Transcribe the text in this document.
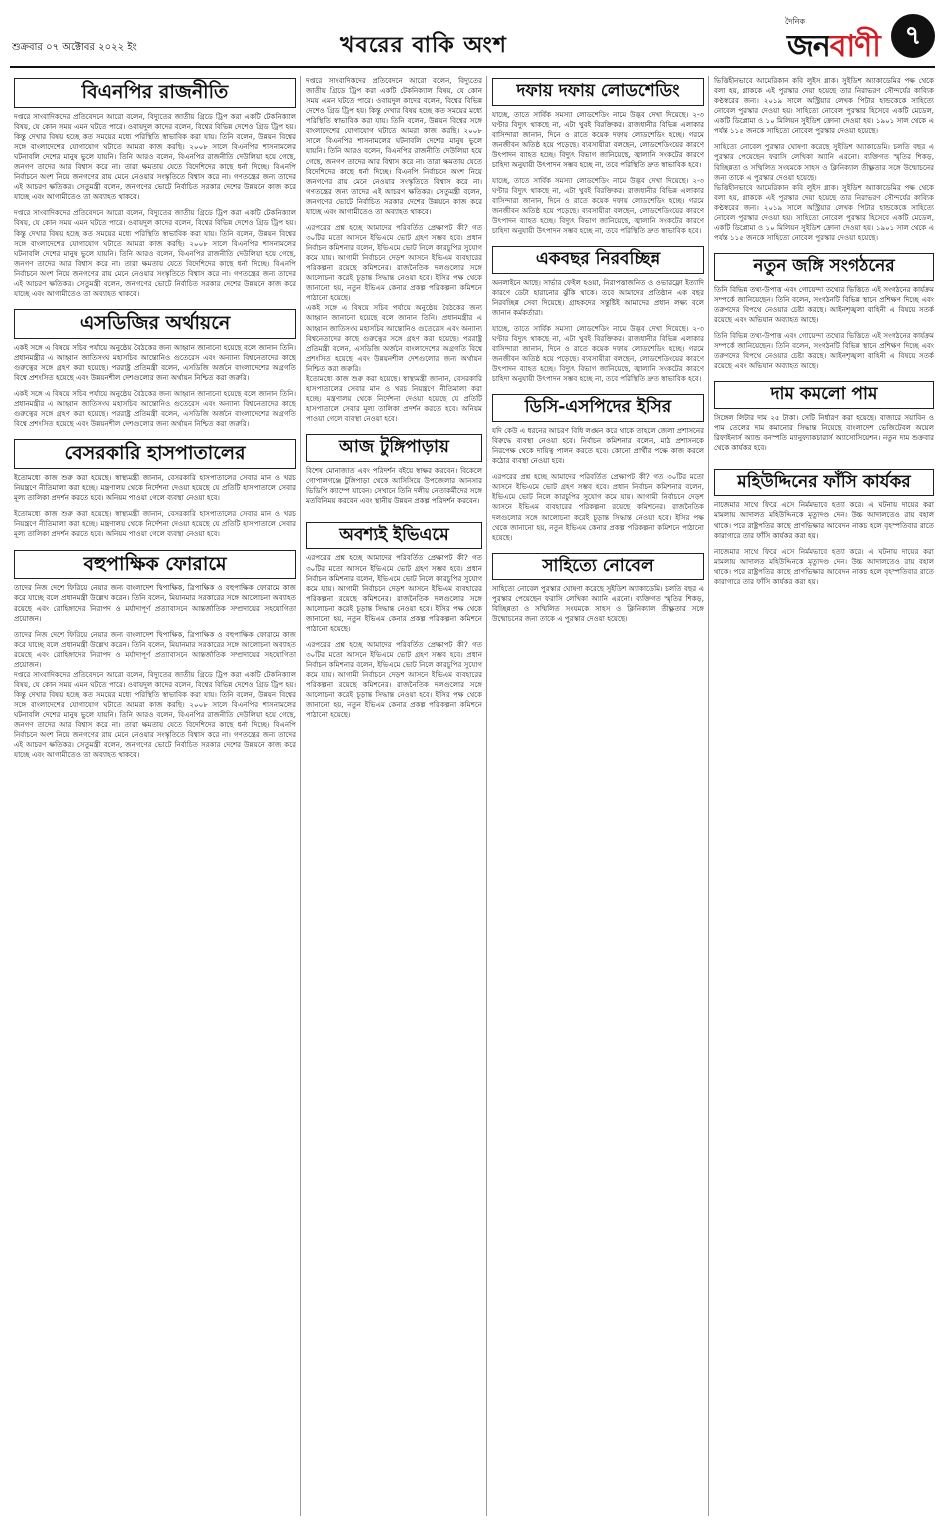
শুক্রবার ০৭ অক্টোবর ২০২২ ইং	খবরের বাকি অংশ
দৈনিক
জনবাণী ৭
বিএনপির রাজনীতি

দপ্তরে সাংবাদিকদের প্রতিবেদনে আরো বলেন, বিদ্যুতের জাতীয় গ্রিডে ট্রিপ করা একটি টেকনিক্যাল বিষয়, যে কোন সময় এমন ঘটতে পারে। ওবায়দুল কাদের বলেন, বিশ্বের বিভিন্ন দেশেও গ্রিড ট্রিপ হয়। কিন্তু দেখার বিষয় হচ্ছে কত সময়ের মধ্যে পরিস্থিতি স্বাভাবিক করা যায়। তিনি বলেন, উন্নয়ন বিশ্বের সঙ্গে বাংলাদেশের যোগাযোগ ঘটাতে আমরা কাজ করছি। ২০০৮ সালে বিএনপির শাসনামলের ঘটনাবলি দেশের মানুষ ভুলে যায়নি। তিনি আরও বলেন, বিএনপির রাজনীতি দেউলিয়া হয়ে গেছে, জনগণ তাদের আর বিশ্বাস করে না। তারা ক্ষমতায় যেতে বিদেশিদের কাছে ধর্না দিচ্ছে। বিএনপি নির্বাচনে অংশ নিয়ে জনগণের রায় মেনে নেওয়ার সংস্কৃতিতে বিশ্বাস করে না। গণতন্ত্রের জন্য তাদের এই আচরণ ক্ষতিকর। সেতুমন্ত্রী বলেন, জনগণের ভোটে নির্বাচিত সরকার দেশের উন্নয়নে কাজ করে যাচ্ছে এবং আগামীতেও তা অব্যাহত থাকবে।

দপ্তরে সাংবাদিকদের প্রতিবেদনে আরো বলেন, বিদ্যুতের জাতীয় গ্রিডে ট্রিপ করা একটি টেকনিক্যাল বিষয়, যে কোন সময় এমন ঘটতে পারে। ওবায়দুল কাদের বলেন, বিশ্বের বিভিন্ন দেশেও গ্রিড ট্রিপ হয়। কিন্তু দেখার বিষয় হচ্ছে কত সময়ের মধ্যে পরিস্থিতি স্বাভাবিক করা যায়। তিনি বলেন, উন্নয়ন বিশ্বের সঙ্গে বাংলাদেশের যোগাযোগ ঘটাতে আমরা কাজ করছি। ২০০৮ সালে বিএনপির শাসনামলের ঘটনাবলি দেশের মানুষ ভুলে যায়নি। তিনি আরও বলেন, বিএনপির রাজনীতি দেউলিয়া হয়ে গেছে, জনগণ তাদের আর বিশ্বাস করে না। তারা ক্ষমতায় যেতে বিদেশিদের কাছে ধর্না দিচ্ছে। বিএনপি নির্বাচনে অংশ নিয়ে জনগণের রায় মেনে নেওয়ার সংস্কৃতিতে বিশ্বাস করে না। গণতন্ত্রের জন্য তাদের এই আচরণ ক্ষতিকর। সেতুমন্ত্রী বলেন, জনগণের ভোটে নির্বাচিত সরকার দেশের উন্নয়নে কাজ করে যাচ্ছে এবং আগামীতেও তা অব্যাহত থাকবে।

এসডিজির অর্থায়নে

একই সঙ্গে এ বিষয়ে সচিব পর্যায়ে অনুষ্ঠেয় বৈঠকের জন্য আহ্বান জানানো হয়েছে বলে জানান তিনি। প্রধানমন্ত্রীর এ আহ্বান জাতিসংঘ মহাসচিব আন্তোনিও গুতেরেস এবং অন্যান্য বিশ্বনেতাদের কাছে গুরুত্বের সঙ্গে গ্রহণ করা হয়েছে। পররাষ্ট্র প্রতিমন্ত্রী বলেন, এসডিজি অর্জনে বাংলাদেশের অগ্রগতি বিশ্বে প্রশংসিত হয়েছে এবং উন্নয়নশীল দেশগুলোর জন্য অর্থায়ন নিশ্চিত করা জরুরি।

একই সঙ্গে এ বিষয়ে সচিব পর্যায়ে অনুষ্ঠেয় বৈঠকের জন্য আহ্বান জানানো হয়েছে বলে জানান তিনি। প্রধানমন্ত্রীর এ আহ্বান জাতিসংঘ মহাসচিব আন্তোনিও গুতেরেস এবং অন্যান্য বিশ্বনেতাদের কাছে গুরুত্বের সঙ্গে গ্রহণ করা হয়েছে। পররাষ্ট্র প্রতিমন্ত্রী বলেন, এসডিজি অর্জনে বাংলাদেশের অগ্রগতি বিশ্বে প্রশংসিত হয়েছে এবং উন্নয়নশীল দেশগুলোর জন্য অর্থায়ন নিশ্চিত করা জরুরি।

বেসরকারি হাসপাতালের

ইতোমধ্যে কাজ শুরু করা হয়েছে। স্বাস্থ্যমন্ত্রী জানান, বেসরকারি হাসপাতালের সেবার মান ও খরচ নিয়ন্ত্রণে নীতিমালা করা হচ্ছে। মন্ত্রণালয় থেকে নির্দেশনা দেওয়া হয়েছে যে প্রতিটি হাসপাতালে সেবার মূল্য তালিকা প্রদর্শন করতে হবে। অনিয়ম পাওয়া গেলে ব্যবস্থা নেওয়া হবে।

ইতোমধ্যে কাজ শুরু করা হয়েছে। স্বাস্থ্যমন্ত্রী জানান, বেসরকারি হাসপাতালের সেবার মান ও খরচ নিয়ন্ত্রণে নীতিমালা করা হচ্ছে। মন্ত্রণালয় থেকে নির্দেশনা দেওয়া হয়েছে যে প্রতিটি হাসপাতালে সেবার মূল্য তালিকা প্রদর্শন করতে হবে। অনিয়ম পাওয়া গেলে ব্যবস্থা নেওয়া হবে।

বহুপাক্ষিক ফোরামে

তাদের নিজ দেশে ফিরিয়ে নেয়ার জন্য বাংলাদেশ দ্বিপাক্ষিক, ত্রিপাক্ষিক ও বহুপাক্ষিক ফোরামে কাজ করে যাচ্ছে বলে প্রধানমন্ত্রী উল্লেখ করেন। তিনি বলেন, মিয়ানমার সরকারের সঙ্গে আলোচনা অব্যাহত রয়েছে এবং রোহিঙ্গাদের নিরাপদ ও মর্যাদাপূর্ণ প্রত্যাবাসনে আন্তর্জাতিক সম্প্রদায়ের সহযোগিতা প্রয়োজন।

তাদের নিজ দেশে ফিরিয়ে নেয়ার জন্য বাংলাদেশ দ্বিপাক্ষিক, ত্রিপাক্ষিক ও বহুপাক্ষিক ফোরামে কাজ করে যাচ্ছে বলে প্রধানমন্ত্রী উল্লেখ করেন। তিনি বলেন, মিয়ানমার সরকারের সঙ্গে আলোচনা অব্যাহত রয়েছে এবং রোহিঙ্গাদের নিরাপদ ও মর্যাদাপূর্ণ প্রত্যাবাসনে আন্তর্জাতিক সম্প্রদায়ের সহযোগিতা প্রয়োজন।

দপ্তরে সাংবাদিকদের প্রতিবেদনে আরো বলেন, বিদ্যুতের জাতীয় গ্রিডে ট্রিপ করা একটি টেকনিক্যাল বিষয়, যে কোন সময় এমন ঘটতে পারে। ওবায়দুল কাদের বলেন, বিশ্বের বিভিন্ন দেশেও গ্রিড ট্রিপ হয়। কিন্তু দেখার বিষয় হচ্ছে কত সময়ের মধ্যে পরিস্থিতি স্বাভাবিক করা যায়। তিনি বলেন, উন্নয়ন বিশ্বের সঙ্গে বাংলাদেশের যোগাযোগ ঘটাতে আমরা কাজ করছি। ২০০৮ সালে বিএনপির শাসনামলের ঘটনাবলি দেশের মানুষ ভুলে যায়নি। তিনি আরও বলেন, বিএনপির রাজনীতি দেউলিয়া হয়ে গেছে, জনগণ তাদের আর বিশ্বাস করে না। তারা ক্ষমতায় যেতে বিদেশিদের কাছে ধর্না দিচ্ছে। বিএনপি নির্বাচনে অংশ নিয়ে জনগণের রায় মেনে নেওয়ার সংস্কৃতিতে বিশ্বাস করে না। গণতন্ত্রের জন্য তাদের এই আচরণ ক্ষতিকর। সেতুমন্ত্রী বলেন, জনগণের ভোটে নির্বাচিত সরকার দেশের উন্নয়নে কাজ করে যাচ্ছে এবং আগামীতেও তা অব্যাহত থাকবে।

দপ্তরে সাংবাদিকদের প্রতিবেদনে আরো বলেন, বিদ্যুতের জাতীয় গ্রিডে ট্রিপ করা একটি টেকনিক্যাল বিষয়, যে কোন সময় এমন ঘটতে পারে। ওবায়দুল কাদের বলেন, বিশ্বের বিভিন্ন দেশেও গ্রিড ট্রিপ হয়। কিন্তু দেখার বিষয় হচ্ছে কত সময়ের মধ্যে পরিস্থিতি স্বাভাবিক করা যায়। তিনি বলেন, উন্নয়ন বিশ্বের সঙ্গে বাংলাদেশের যোগাযোগ ঘটাতে আমরা কাজ করছি। ২০০৮ সালে বিএনপির শাসনামলের ঘটনাবলি দেশের মানুষ ভুলে যায়নি। তিনি আরও বলেন, বিএনপির রাজনীতি দেউলিয়া হয়ে গেছে, জনগণ তাদের আর বিশ্বাস করে না। তারা ক্ষমতায় যেতে বিদেশিদের কাছে ধর্না দিচ্ছে। বিএনপি নির্বাচনে অংশ নিয়ে জনগণের রায় মেনে নেওয়ার সংস্কৃতিতে বিশ্বাস করে না। গণতন্ত্রের জন্য তাদের এই আচরণ ক্ষতিকর। সেতুমন্ত্রী বলেন, জনগণের ভোটে নির্বাচিত সরকার দেশের উন্নয়নে কাজ করে যাচ্ছে এবং আগামীতেও তা অব্যাহত থাকবে।

এরপরের প্রশ্ন হচ্ছে আমাদের পরিবর্তিত প্রেক্ষাপট কী? গত ৩০টির মতো আসনে ইভিএমে ভোট গ্রহণ সম্ভব হবে। প্রধান নির্বাচন কমিশনার বলেন, ইভিএমে ভোট নিলে কারচুপির সুযোগ কমে যায়। আগামী নির্বাচনে দেড়শ আসনে ইভিএম ব্যবহারের পরিকল্পনা রয়েছে কমিশনের। রাজনৈতিক দলগুলোর সঙ্গে আলোচনা করেই চূড়ান্ত সিদ্ধান্ত নেওয়া হবে। ইসির পক্ষ থেকে জানানো হয়, নতুন ইভিএম কেনার প্রকল্প পরিকল্পনা কমিশনে পাঠানো হয়েছে।

একই সঙ্গে এ বিষয়ে সচিব পর্যায়ে অনুষ্ঠেয় বৈঠকের জন্য আহ্বান জানানো হয়েছে বলে জানান তিনি। প্রধানমন্ত্রীর এ আহ্বান জাতিসংঘ মহাসচিব আন্তোনিও গুতেরেস এবং অন্যান্য বিশ্বনেতাদের কাছে গুরুত্বের সঙ্গে গ্রহণ করা হয়েছে। পররাষ্ট্র প্রতিমন্ত্রী বলেন, এসডিজি অর্জনে বাংলাদেশের অগ্রগতি বিশ্বে প্রশংসিত হয়েছে এবং উন্নয়নশীল দেশগুলোর জন্য অর্থায়ন নিশ্চিত করা জরুরি।

ইতোমধ্যে কাজ শুরু করা হয়েছে। স্বাস্থ্যমন্ত্রী জানান, বেসরকারি হাসপাতালের সেবার মান ও খরচ নিয়ন্ত্রণে নীতিমালা করা হচ্ছে। মন্ত্রণালয় থেকে নির্দেশনা দেওয়া হয়েছে যে প্রতিটি হাসপাতালে সেবার মূল্য তালিকা প্রদর্শন করতে হবে। অনিয়ম পাওয়া গেলে ব্যবস্থা নেওয়া হবে।

আজ টুঙ্গিপাড়ায়

বিশেষ মোনাজাত এবং পরিদর্শন বইয়ে স্বাক্ষর করবেন। বিকেলে গোপালগঞ্জে টুঙ্গিপাড়া থেকে আসিসিয়ে উপজেলার আনসার ভিডিপি ক্যাম্পে যাবেন। সেখানে তিনি দলীয় নেতাকর্মীদের সঙ্গে মতবিনিময় করবেন এবং স্থানীয় উন্নয়ন প্রকল্প পরিদর্শন করবেন।

অবশ্যই ইভিএমে

এরপরের প্রশ্ন হচ্ছে আমাদের পরিবর্তিত প্রেক্ষাপট কী? গত ৩০টির মতো আসনে ইভিএমে ভোট গ্রহণ সম্ভব হবে। প্রধান নির্বাচন কমিশনার বলেন, ইভিএমে ভোট নিলে কারচুপির সুযোগ কমে যায়। আগামী নির্বাচনে দেড়শ আসনে ইভিএম ব্যবহারের পরিকল্পনা রয়েছে কমিশনের। রাজনৈতিক দলগুলোর সঙ্গে আলোচনা করেই চূড়ান্ত সিদ্ধান্ত নেওয়া হবে। ইসির পক্ষ থেকে জানানো হয়, নতুন ইভিএম কেনার প্রকল্প পরিকল্পনা কমিশনে পাঠানো হয়েছে।

এরপরের প্রশ্ন হচ্ছে আমাদের পরিবর্তিত প্রেক্ষাপট কী? গত ৩০টির মতো আসনে ইভিএমে ভোট গ্রহণ সম্ভব হবে। প্রধান নির্বাচন কমিশনার বলেন, ইভিএমে ভোট নিলে কারচুপির সুযোগ কমে যায়। আগামী নির্বাচনে দেড়শ আসনে ইভিএম ব্যবহারের পরিকল্পনা রয়েছে কমিশনের। রাজনৈতিক দলগুলোর সঙ্গে আলোচনা করেই চূড়ান্ত সিদ্ধান্ত নেওয়া হবে। ইসির পক্ষ থেকে জানানো হয়, নতুন ইভিএম কেনার প্রকল্প পরিকল্পনা কমিশনে পাঠানো হয়েছে।

দফায় দফায় লোডশেডিং

যাচ্ছে, তাতে সার্বিক সমস্যা লোডশেডিং নামে উদ্ভব দেখা দিয়েছে। ২-৩ ঘণ্টার বিদ্যুৎ থাকছে না, এটা খুবই বিরক্তিকর। রাজধানীর বিভিন্ন এলাকার বাসিন্দারা জানান, দিনে ও রাতে কয়েক দফায় লোডশেডিং হচ্ছে। গরমে জনজীবন অতিষ্ঠ হয়ে পড়েছে। ব্যবসায়ীরা বলছেন, লোডশেডিংয়ের কারণে উৎপাদন ব্যাহত হচ্ছে। বিদ্যুৎ বিভাগ জানিয়েছে, জ্বালানি সংকটের কারণে চাহিদা অনুযায়ী উৎপাদন সম্ভব হচ্ছে না, তবে পরিস্থিতি দ্রুত স্বাভাবিক হবে।

যাচ্ছে, তাতে সার্বিক সমস্যা লোডশেডিং নামে উদ্ভব দেখা দিয়েছে। ২-৩ ঘণ্টার বিদ্যুৎ থাকছে না, এটা খুবই বিরক্তিকর। রাজধানীর বিভিন্ন এলাকার বাসিন্দারা জানান, দিনে ও রাতে কয়েক দফায় লোডশেডিং হচ্ছে। গরমে জনজীবন অতিষ্ঠ হয়ে পড়েছে। ব্যবসায়ীরা বলছেন, লোডশেডিংয়ের কারণে উৎপাদন ব্যাহত হচ্ছে। বিদ্যুৎ বিভাগ জানিয়েছে, জ্বালানি সংকটের কারণে চাহিদা অনুযায়ী উৎপাদন সম্ভব হচ্ছে না, তবে পরিস্থিতি দ্রুত স্বাভাবিক হবে।

একবছর নিরবচ্ছিন্ন

অনলাইনে আছে। সার্ভার ফেইল হওয়া, নিরাপত্তাজনিত ও ওভারফ্লো ইত্যাদি কারণে ডেটা হারানোর ঝুঁকি থাকে। তবে আমাদের প্রতিষ্ঠান এক বছর নিরবচ্ছিন্ন সেবা দিয়েছে। গ্রাহকদের সন্তুষ্টিই আমাদের প্রধান লক্ষ্য বলে জানান কর্মকর্তারা।

যাচ্ছে, তাতে সার্বিক সমস্যা লোডশেডিং নামে উদ্ভব দেখা দিয়েছে। ২-৩ ঘণ্টার বিদ্যুৎ থাকছে না, এটা খুবই বিরক্তিকর। রাজধানীর বিভিন্ন এলাকার বাসিন্দারা জানান, দিনে ও রাতে কয়েক দফায় লোডশেডিং হচ্ছে। গরমে জনজীবন অতিষ্ঠ হয়ে পড়েছে। ব্যবসায়ীরা বলছেন, লোডশেডিংয়ের কারণে উৎপাদন ব্যাহত হচ্ছে। বিদ্যুৎ বিভাগ জানিয়েছে, জ্বালানি সংকটের কারণে চাহিদা অনুযায়ী উৎপাদন সম্ভব হচ্ছে না, তবে পরিস্থিতি দ্রুত স্বাভাবিক হবে।

ডিসি-এসপিদের ইসির

যদি কেউ এ ধরনের আচরণ বিধি লঙ্ঘন করে থাকে তাহলে জেলা প্রশাসনের বিরুদ্ধে ব্যবস্থা নেওয়া হবে। নির্বাচন কমিশনার বলেন, মাঠ প্রশাসনকে নিরপেক্ষ থেকে দায়িত্ব পালন করতে হবে। কোনো প্রার্থীর পক্ষে কাজ করলে কঠোর ব্যবস্থা নেওয়া হবে।

এরপরের প্রশ্ন হচ্ছে আমাদের পরিবর্তিত প্রেক্ষাপট কী? গত ৩০টির মতো আসনে ইভিএমে ভোট গ্রহণ সম্ভব হবে। প্রধান নির্বাচন কমিশনার বলেন, ইভিএমে ভোট নিলে কারচুপির সুযোগ কমে যায়। আগামী নির্বাচনে দেড়শ আসনে ইভিএম ব্যবহারের পরিকল্পনা রয়েছে কমিশনের। রাজনৈতিক দলগুলোর সঙ্গে আলোচনা করেই চূড়ান্ত সিদ্ধান্ত নেওয়া হবে। ইসির পক্ষ থেকে জানানো হয়, নতুন ইভিএম কেনার প্রকল্প পরিকল্পনা কমিশনে পাঠানো হয়েছে।

সাহিত্যে নোবেল

সাহিত্যে নোবেল পুরস্কার ঘোষণা করেছে সুইডিশ অ্যাকাডেমি। চলতি বছর এ পুরস্কার পেয়েছেন ফরাসি লেখিকা অ্যানি এরনো। ব্যক্তিগত স্মৃতির শিকড়, বিচ্ছিন্নতা ও সম্মিলিত সংযমকে সাহস ও ক্লিনিক্যাল তীক্ষ্ণতার সঙ্গে উন্মোচনের জন্য তাকে এ পুরস্কার দেওয়া হয়েছে।

ভিত্তিহীনভাবে আমেরিকান কবি লুইস গ্লাক। সুইডিশ অ্যাকাডেমির পক্ষ থেকে বলা হয়, গ্লাককে এই পুরস্কার দেয়া হয়েছে তার নিরাভরণ সৌন্দর্যের কাব্যিক কণ্ঠস্বরের জন্য। ২০১৯ সালে অস্ট্রিয়ার লেখক পিটার হান্ডকেকে সাহিত্যে নোবেল পুরস্কার দেওয়া হয়। সাহিত্যে নোবেল পুরস্কার হিসেবে একটি মেডেল, একটি ডিপ্লোমা ও ১০ মিলিয়ন সুইডিশ ক্রোনা দেওয়া হয়। ১৯০১ সাল থেকে এ পর্যন্ত ১১৫ জনকে সাহিত্যে নোবেল পুরস্কার দেওয়া হয়েছে।

সাহিত্যে নোবেল পুরস্কার ঘোষণা করেছে সুইডিশ অ্যাকাডেমি। চলতি বছর এ পুরস্কার পেয়েছেন ফরাসি লেখিকা অ্যানি এরনো। ব্যক্তিগত স্মৃতির শিকড়, বিচ্ছিন্নতা ও সম্মিলিত সংযমকে সাহস ও ক্লিনিক্যাল তীক্ষ্ণতার সঙ্গে উন্মোচনের জন্য তাকে এ পুরস্কার দেওয়া হয়েছে।

ভিত্তিহীনভাবে আমেরিকান কবি লুইস গ্লাক। সুইডিশ অ্যাকাডেমির পক্ষ থেকে বলা হয়, গ্লাককে এই পুরস্কার দেয়া হয়েছে তার নিরাভরণ সৌন্দর্যের কাব্যিক কণ্ঠস্বরের জন্য। ২০১৯ সালে অস্ট্রিয়ার লেখক পিটার হান্ডকেকে সাহিত্যে নোবেল পুরস্কার দেওয়া হয়। সাহিত্যে নোবেল পুরস্কার হিসেবে একটি মেডেল, একটি ডিপ্লোমা ও ১০ মিলিয়ন সুইডিশ ক্রোনা দেওয়া হয়। ১৯০১ সাল থেকে এ পর্যন্ত ১১৫ জনকে সাহিত্যে নোবেল পুরস্কার দেওয়া হয়েছে।

নতুন জঙ্গি সংগঠনের

তিনি বিভিন্ন তথ্য-উপাত্ত এবং গোয়েন্দা তথ্যের ভিত্তিতে এই সংগঠনের কার্যক্রম সম্পর্কে জানিয়েছেন। তিনি বলেন, সংগঠনটি বিভিন্ন স্থানে প্রশিক্ষণ দিচ্ছে এবং তরুণদের বিপথে নেওয়ার চেষ্টা করছে। আইনশৃঙ্খলা বাহিনী এ বিষয়ে সতর্ক রয়েছে এবং অভিযান অব্যাহত আছে।

তিনি বিভিন্ন তথ্য-উপাত্ত এবং গোয়েন্দা তথ্যের ভিত্তিতে এই সংগঠনের কার্যক্রম সম্পর্কে জানিয়েছেন। তিনি বলেন, সংগঠনটি বিভিন্ন স্থানে প্রশিক্ষণ দিচ্ছে এবং তরুণদের বিপথে নেওয়ার চেষ্টা করছে। আইনশৃঙ্খলা বাহিনী এ বিষয়ে সতর্ক রয়েছে এবং অভিযান অব্যাহত আছে।

দাম কমলো পাম

সিঙ্গেল লিটার দাম ২৫ টাকা। সেটি নির্ধারণ করা হয়েছে। বাজারে সয়াবিন ও পাম তেলের দাম কমানোর সিদ্ধান্ত নিয়েছে বাংলাদেশ ভেজিটেবল অয়েল রিফাইনার্স অ্যান্ড বনস্পতি ম্যানুফ্যাকচারার্স অ্যাসোসিয়েশন। নতুন দাম শুক্রবার থেকে কার্যকর হবে।

মহিউদ্দিনের ফাঁসি কার্যকর

নাজেমার সাথে ফিরে এসে নির্মমভাবে হত্যা করে। এ ঘটনায় দায়ের করা মামলায় আদালত মহিউদ্দিনকে মৃত্যুদণ্ড দেন। উচ্চ আদালতেও রায় বহাল থাকে। পরে রাষ্ট্রপতির কাছে প্রাণভিক্ষার আবেদন নাকচ হলে বৃহস্পতিবার রাতে কারাগারে তার ফাঁসি কার্যকর করা হয়।

নাজেমার সাথে ফিরে এসে নির্মমভাবে হত্যা করে। এ ঘটনায় দায়ের করা মামলায় আদালত মহিউদ্দিনকে মৃত্যুদণ্ড দেন। উচ্চ আদালতেও রায় বহাল থাকে। পরে রাষ্ট্রপতির কাছে প্রাণভিক্ষার আবেদন নাকচ হলে বৃহস্পতিবার রাতে কারাগারে তার ফাঁসি কার্যকর করা হয়।
